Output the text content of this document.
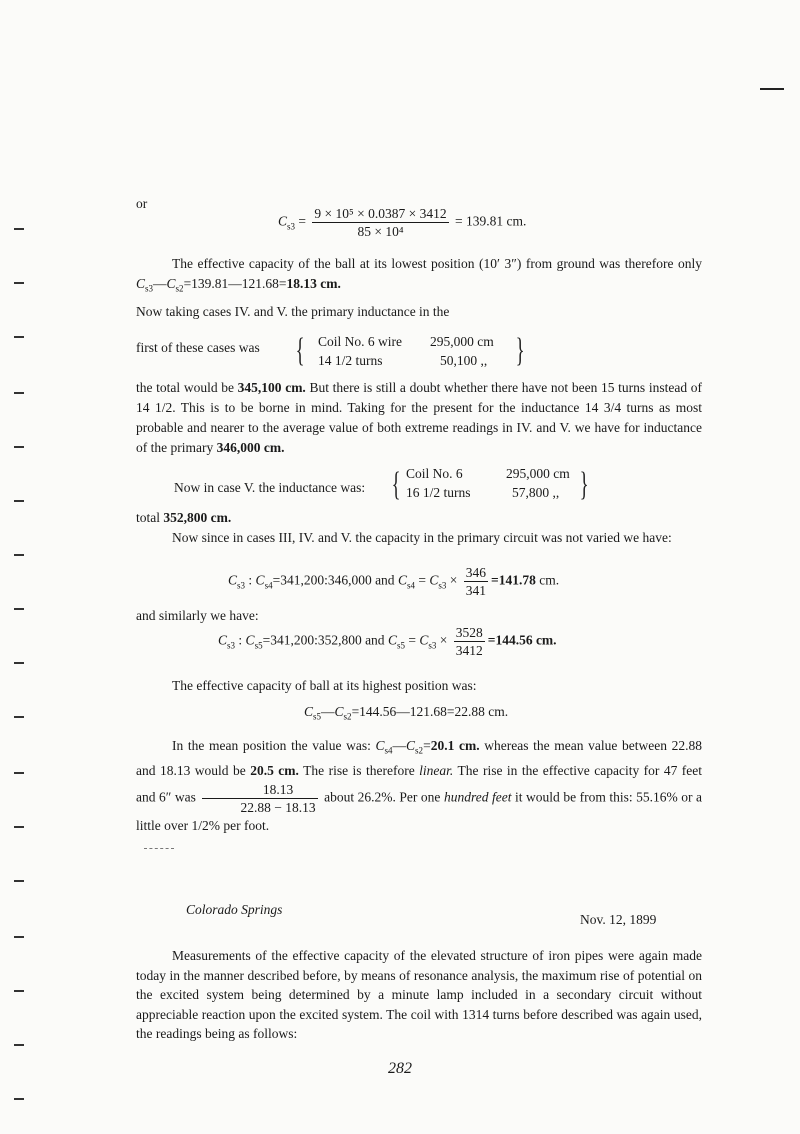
or
$C_{s3} = \frac{\text{9 × 10⁵ × 0.0387 × 3412}}{\text{85 × 10⁴}} = 139.81$ cm.
The effective capacity of the ball at its lowest position (10′ 3″) from ground was therefore only $C_{s3}—C_{s2}=139.81—121.68=18.13$ cm.
Now taking cases IV. and V. the primary inductance in the
first of these cases was { Coil No. 6 wire 295,000 cm
14 1/2 turns	50,100 ,, }
the total would be 345,100 cm. But there is still a doubt whether there have not been 15 turns instead of 14 1/2. This is to be borne in mind. Taking for the present for the inductance 14 3/4 turns as most probable and nearer to the average value of both extreme readings in IV. and V. we have for inductance of the primary 346,000 cm.
Now in case V. the inductance was: { Coil No. 6	295,000 cm
16 1/2 turns	57,800 ,, }
total 352,800 cm.
Now since in cases III, IV. and V. the capacity in the primary circuit was not varied we have:
$C_{s3}$ : $C_{s4}=341,200:346,000$ and $C_{s4} = C_{s3} \times \frac{346}{341} =141.78$ cm.
and similarly we have:
$C_{s3}$ : $C_{s5}=341,200:352,800$ and $C_{s5} = C_{s3} \times \frac{3528}{3412} =144.56$ cm.
The effective capacity of ball at its highest position was:
$C_{s5}—C_{s2}=144.56—121.68=22.88$ cm.
In the mean position the value was: $C_{s4}—C_{s2}=20.1$ cm. whereas the mean value between 22.88 and 18.13 would be 20.5 cm. The rise is therefore linear. The rise in the effective capacity for 47 feet and 6″ was $\frac{18.13}{22.88 - 18.13}$ about 26.2%. Per one hundred feet it would be from this: 55.16% or a little over 1/2% per foot.
Colorado Springs
Nov. 12, 1899
Measurements of the effective capacity of the elevated structure of iron pipes were again made today in the manner described before, by means of resonance analysis, the maximum rise of potential on the excited system being determined by a minute lamp included in a secondary circuit without appreciable reaction upon the excited system. The coil with 1314 turns before described was again used, the readings being as follows:
282
